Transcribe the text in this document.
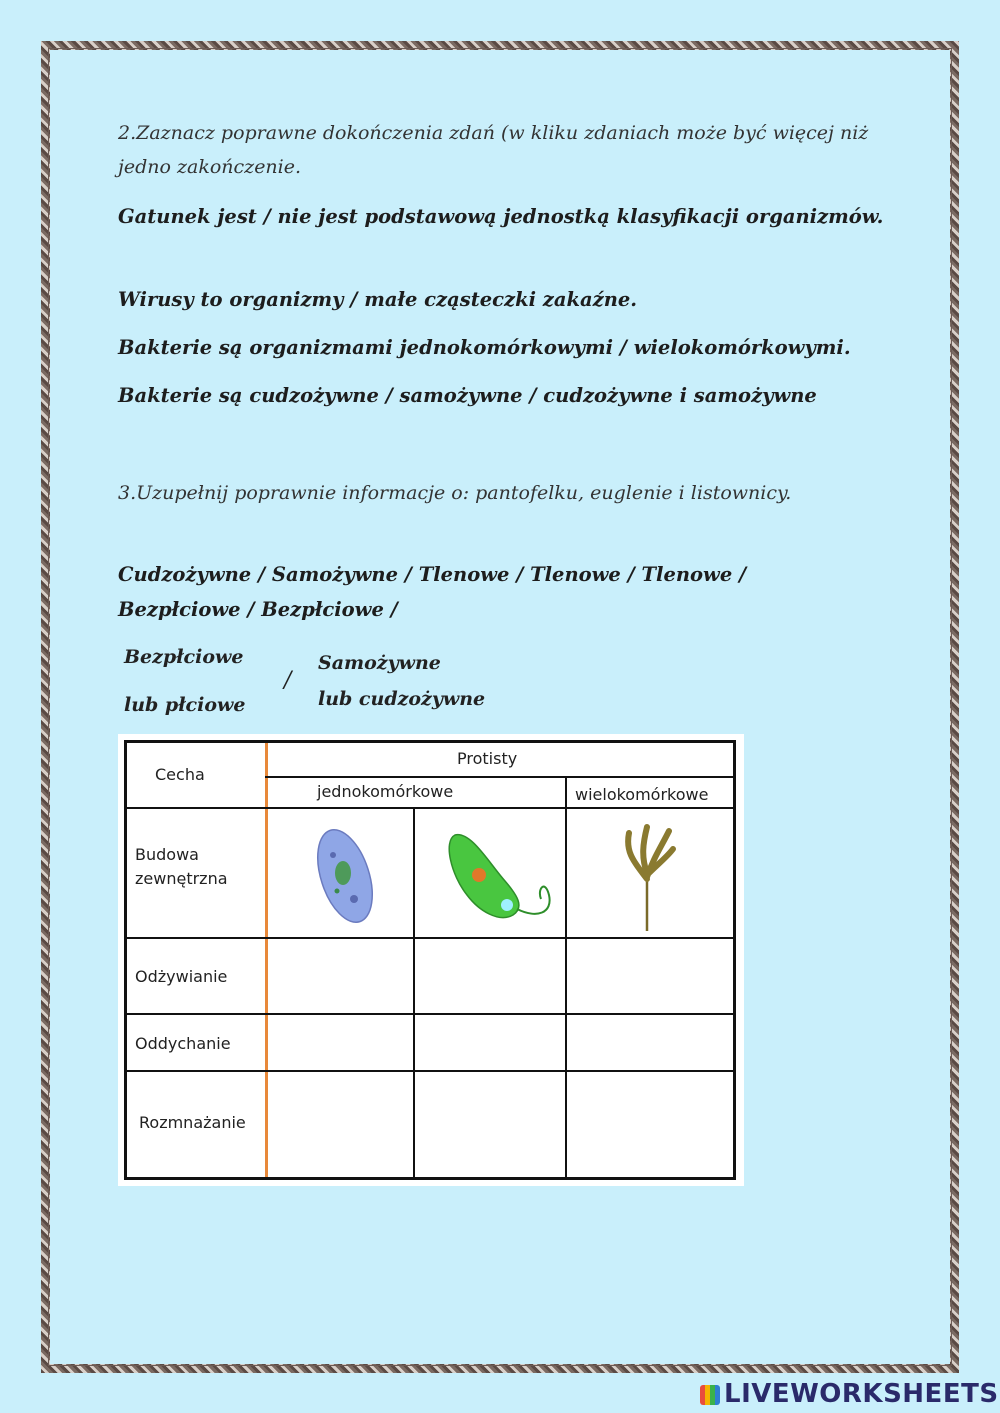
2.Zaznacz poprawne dokończenia zdań (w kliku zdaniach może być więcej niż jedno zakończenie.
Gatunek jest / nie jest podstawową jednostką klasyfikacji organizmów.
Wirusy to organizmy / małe cząsteczki zakaźne.
Bakterie są organizmami jednokomórkowymi / wielokomórkowymi.
Bakterie są cudzożywne / samożywne / cudzożywne i samożywne
3.Uzupełnij poprawnie informacje o: pantofelku, euglenie i listownicy.
Cudzożywne / Samożywne / Tlenowe / Tlenowe / Tlenowe / Bezpłciowe / Bezpłciowe /
Bezpłciowe
lub płciowe
/
Samożywne
lub cudzożywne
Cecha
Protisty
jednokomórkowe	wielokomórkowe
Budowa zewnętrzna
Odżywianie
Oddychanie
Rozmnażanie
LIVEWORKSHEETS
